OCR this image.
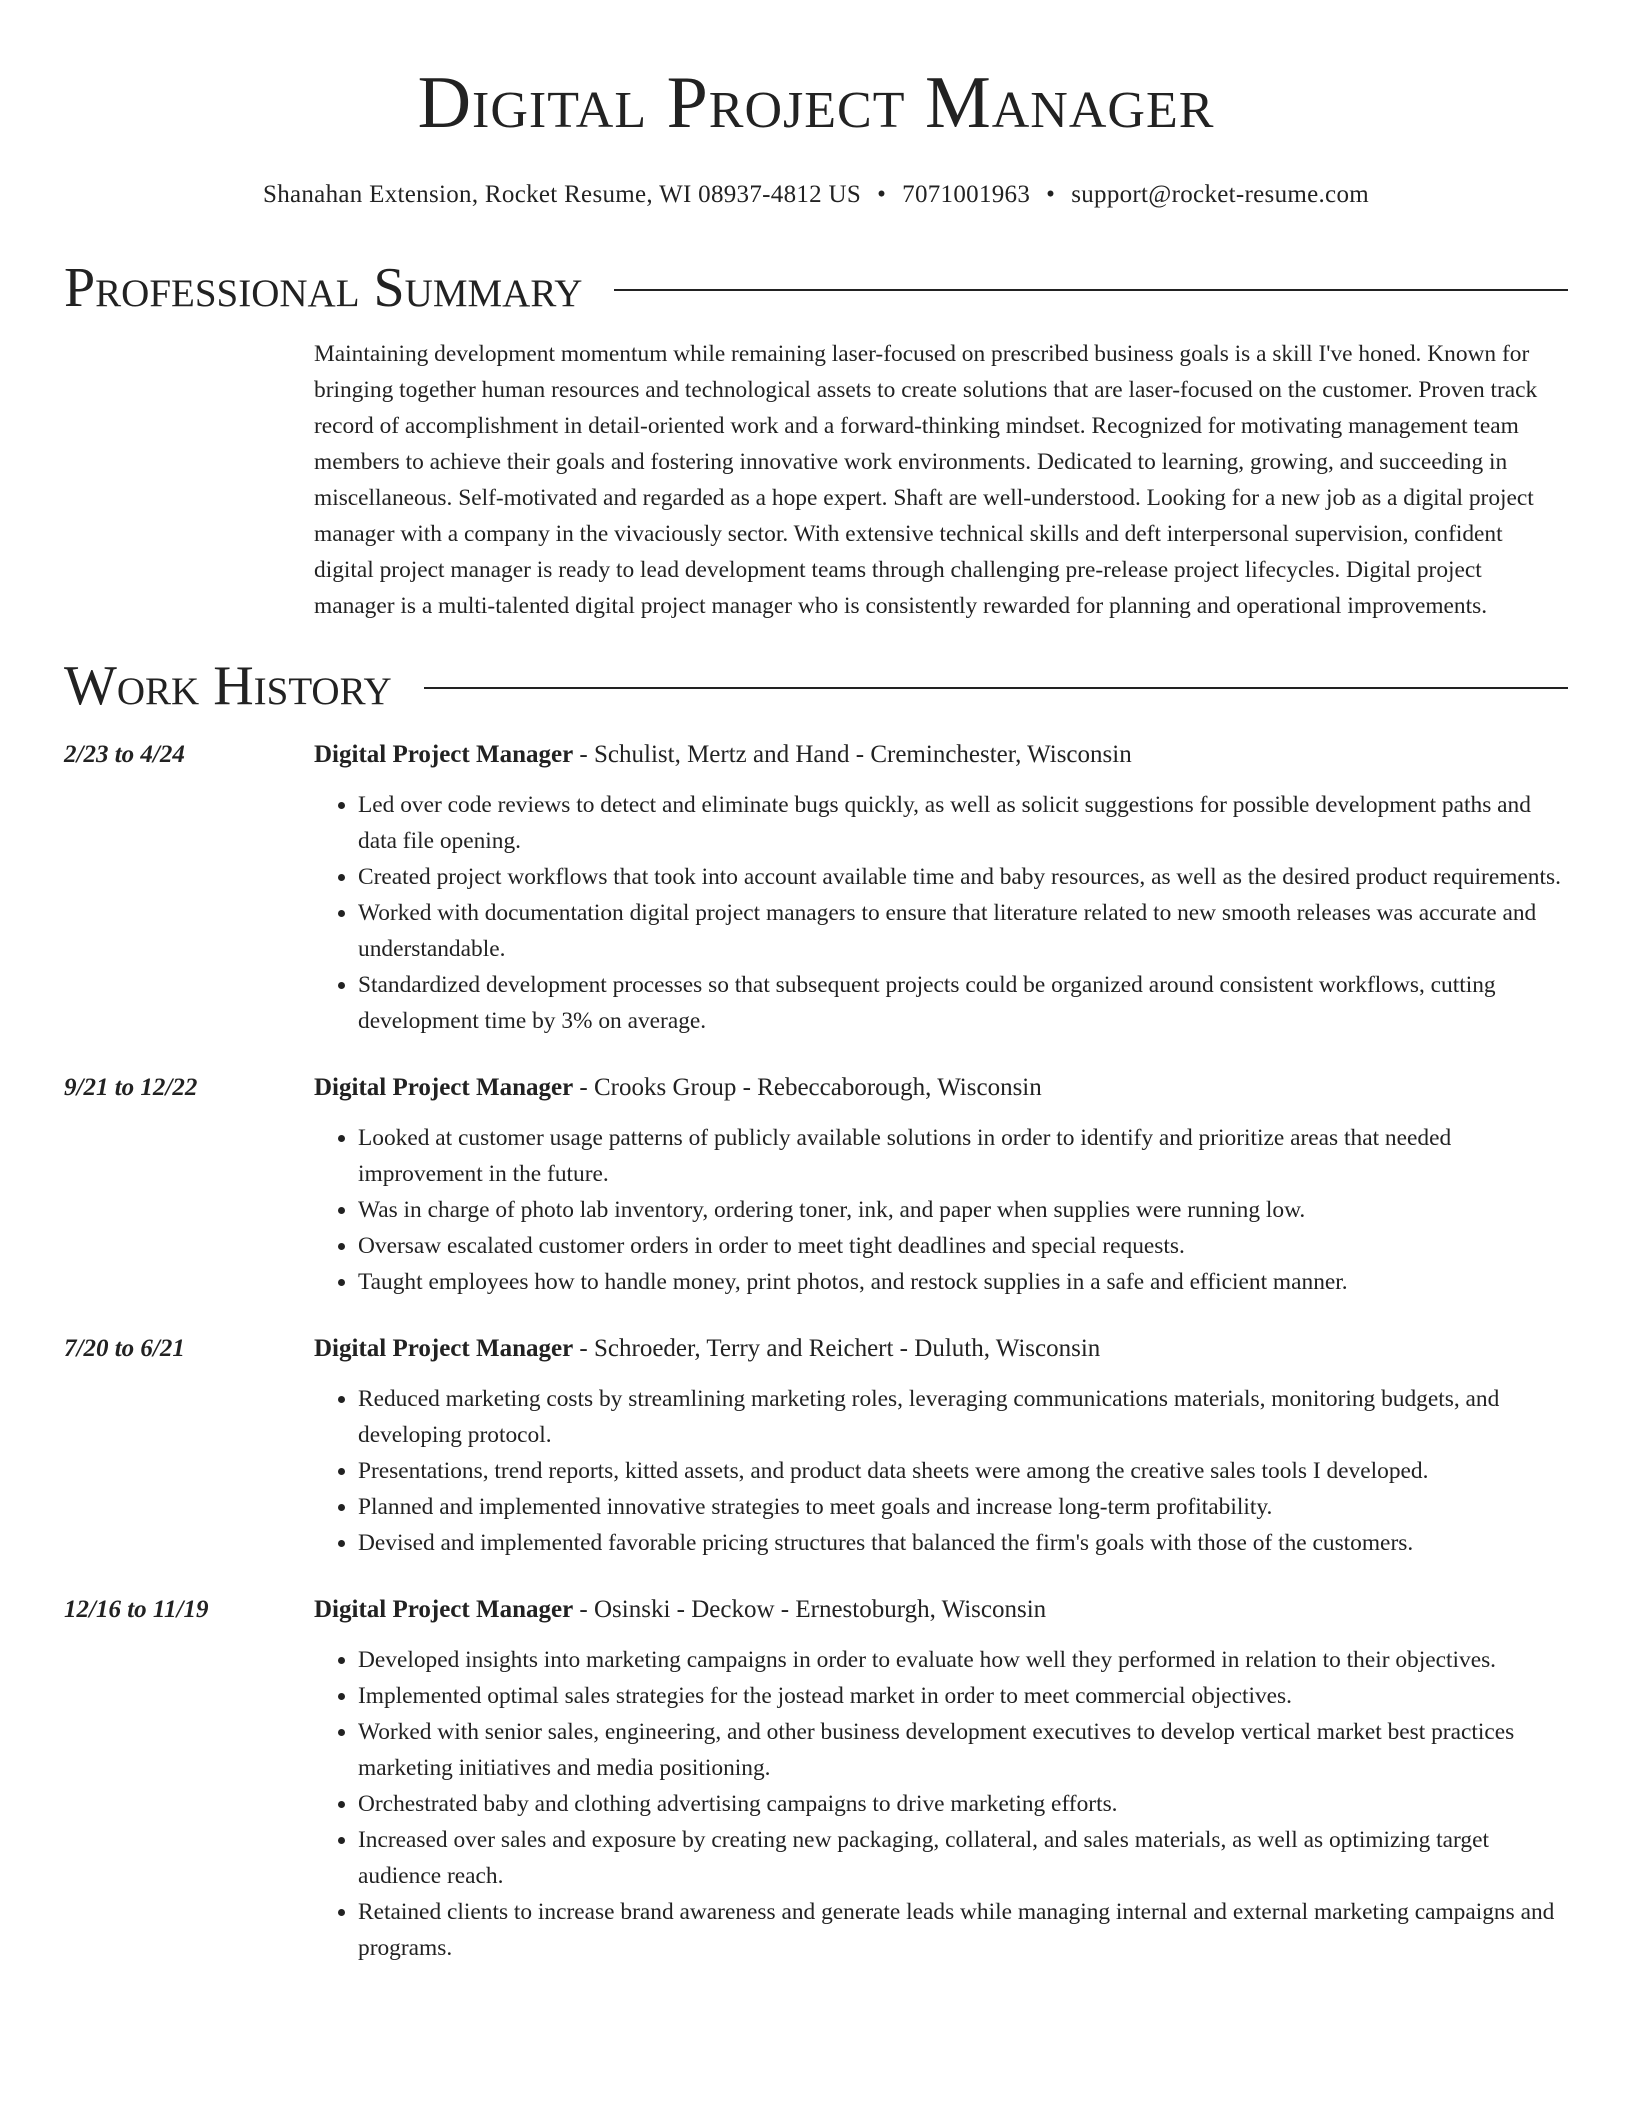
Digital Project Manager
Shanahan Extension, Rocket Resume, WI 08937-4812 US • 7071001963 • support@rocket-resume.com
Professional Summary
Maintaining development momentum while remaining laser-focused on prescribed business goals is a skill I've honed. Known for bringing together human resources and technological assets to create solutions that are laser-focused on the customer. Proven track record of accomplishment in detail-oriented work and a forward-thinking mindset. Recognized for motivating management team members to achieve their goals and fostering innovative work environments. Dedicated to learning, growing, and succeeding in miscellaneous. Self-motivated and regarded as a hope expert. Shaft are well-understood. Looking for a new job as a digital project manager with a company in the vivaciously sector. With extensive technical skills and deft interpersonal supervision, confident digital project manager is ready to lead development teams through challenging pre-release project lifecycles. Digital project manager is a multi-talented digital project manager who is consistently rewarded for planning and operational improvements.
Work History
2/23 to 4/24	Digital Project Manager - Schulist, Mertz and Hand - Creminchester, Wisconsin
• Led over code reviews to detect and eliminate bugs quickly, as well as solicit suggestions for possible development paths and data file opening.
• Created project workflows that took into account available time and baby resources, as well as the desired product requirements.
• Worked with documentation digital project managers to ensure that literature related to new smooth releases was accurate and understandable.
• Standardized development processes so that subsequent projects could be organized around consistent workflows, cutting development time by 3% on average.
9/21 to 12/22	Digital Project Manager - Crooks Group - Rebeccaborough, Wisconsin
• Looked at customer usage patterns of publicly available solutions in order to identify and prioritize areas that needed improvement in the future.
• Was in charge of photo lab inventory, ordering toner, ink, and paper when supplies were running low.
• Oversaw escalated customer orders in order to meet tight deadlines and special requests.
• Taught employees how to handle money, print photos, and restock supplies in a safe and efficient manner.
7/20 to 6/21	Digital Project Manager - Schroeder, Terry and Reichert - Duluth, Wisconsin
• Reduced marketing costs by streamlining marketing roles, leveraging communications materials, monitoring budgets, and developing protocol.
• Presentations, trend reports, kitted assets, and product data sheets were among the creative sales tools I developed.
• Planned and implemented innovative strategies to meet goals and increase long-term profitability.
• Devised and implemented favorable pricing structures that balanced the firm's goals with those of the customers.
12/16 to 11/19	Digital Project Manager - Osinski - Deckow - Ernestoburgh, Wisconsin
• Developed insights into marketing campaigns in order to evaluate how well they performed in relation to their objectives.
• Implemented optimal sales strategies for the jostead market in order to meet commercial objectives.
• Worked with senior sales, engineering, and other business development executives to develop vertical market best practices marketing initiatives and media positioning.
• Orchestrated baby and clothing advertising campaigns to drive marketing efforts.
• Increased over sales and exposure by creating new packaging, collateral, and sales materials, as well as optimizing target audience reach.
• Retained clients to increase brand awareness and generate leads while managing internal and external marketing campaigns and programs.
